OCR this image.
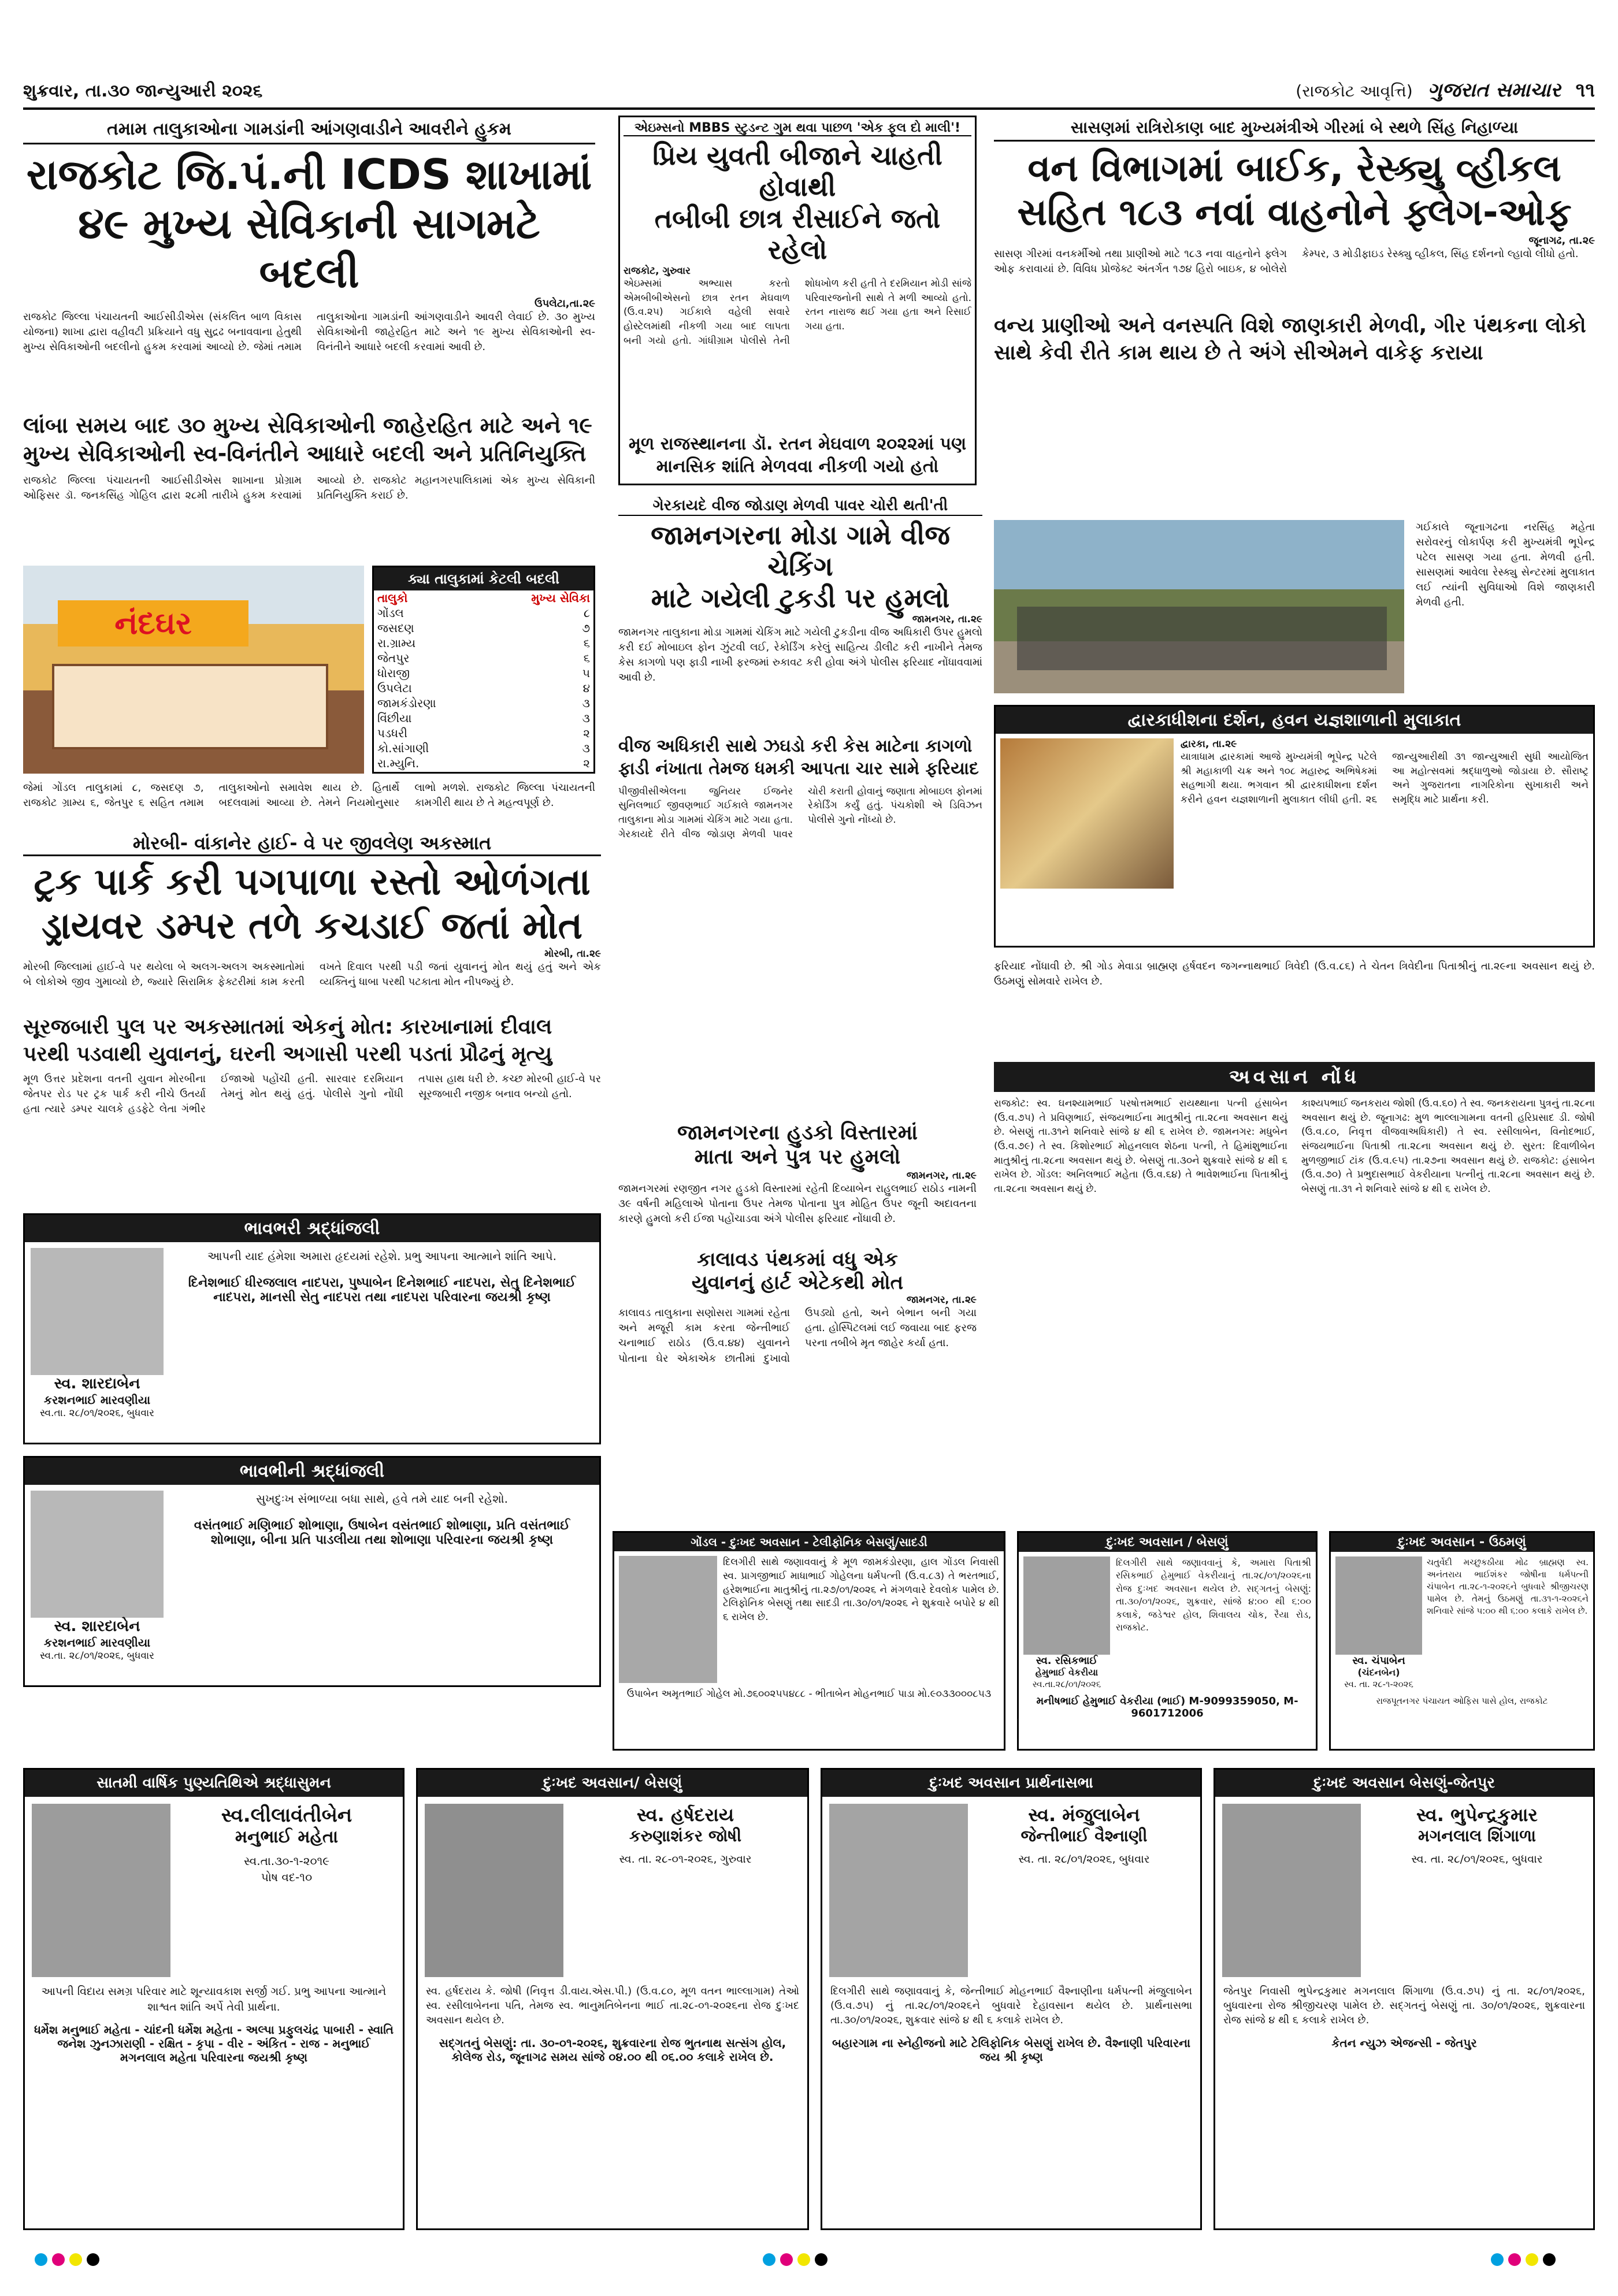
શુક્રવાર, તા.૩૦ જાન્યુઆરી ૨૦૨૬	(રાજકોટ આવૃત્તિ) ગુજરાત સમાચાર ૧૧
તમામ તાલુકાઓના ગામડાંની આંગણવાડીને આવરીને હુકમ
રાજકોટ જિ.પં.ની ICDS શાખામાં
૪૯ મુખ્ય સેવિકાની સાગમટે બદલી
ઉપલેટા,તા.૨૯
રાજકોટ જિલ્લા પંચાયતની આઈસીડીએસ (સંકલિત બાળ વિકાસ યોજના) શાખા દ્વારા વહીવટી પ્રક્રિયાને વધુ સુદ્રઢ બનાવવાના હેતુથી મુખ્ય સેવિકાઓની બદલીનો હુકમ કરવામાં આવ્યો છે. જેમાં તમામ તાલુકાઓના ગામડાંની આંગણવાડીને આવરી લેવાઈ છે. ૩૦ મુખ્ય સેવિકાઓની જાહેરહિત માટે અને ૧૯ મુખ્ય સેવિકાઓની સ્વ-વિનંતીને આધારે બદલી કરવામાં આવી છે.
લાંબા સમય બાદ ૩૦ મુખ્ય સેવિકાઓની જાહેરહિત માટે અને ૧૯ મુખ્ય સેવિકાઓની સ્વ-વિનંતીને આધારે બદલી અને પ્રતિનિયુક્તિ
રાજકોટ જિલ્લા પંચાયતની આઈસીડીએસ શાખાના પ્રોગ્રામ ઓફિસર ડૉ. જનકસિંહ ગોહિલ દ્વારા ૨૮મી તારીખે હુકમ કરવામાં આવ્યો છે. રાજકોટ મહાનગરપાલિકામાં એક મુખ્ય સેવિકાની પ્રતિનિયુક્તિ કરાઈ છે.
નંદઘર
ક્યા તાલુકામાં કેટલી બદલી
તાલુકો	મુખ્ય સેવિકા
ગોંડલ	૮
જસદણ	૭
રા.ગ્રામ્ય	૬
જેતપુર	૬
ધોરાજી	૫
ઉપલેટા	૪
જામકંડોરણા	૩
વિંછીયા	૩
પડધરી	૨
કો.સાંગાણી	૩
રા.મ્યુનિ.	૨
જેમાં ગોંડલ તાલુકામાં ૮, જસદણ ૭, રાજકોટ ગ્રામ્ય ૬, જેતપુર ૬ સહિત તમામ તાલુકાઓનો સમાવેશ થાય છે. હિતાર્થે બદલવામાં આવ્યા છે. તેમને નિયમોનુસાર લાભો મળશે. રાજકોટ જિલ્લા પંચાયતની કામગીરી થાય છે તે મહત્વપૂર્ણ છે.
એઇમ્સનો MBBS સ્ટુડન્ટ ગુમ થવા પાછળ 'એક ફૂલ દો માલી'!
પ્રિય યુવતી બીજાને ચાહતી હોવાથી
તબીબી છાત્ર રીસાઈને જતો રહેલો
રાજકોટ, ગુરુવાર
એઇમ્સમાં અભ્યાસ કરતો એમબીબીએસનો છાત્ર રતન મેઘવાળ (ઉ.વ.૨૫) ગઈકાલે વહેલી સવારે હોસ્ટેલમાંથી નીકળી ગયા બાદ લાપતા બની ગયો હતો. ગાંધીગ્રામ પોલીસે તેની શોધખોળ કરી હતી તે દરમિયાન મોડી સાંજે પરિવારજનોની સાથે તે મળી આવ્યો હતો. રતન નારાજ થઈ ગયા હતા અને રિસાઈ ગયા હતા.
મૂળ રાજસ્થાનના ડૉ. રતન મેઘવાળ ૨૦૨૨માં પણ માનસિક શાંતિ મેળવવા નીકળી ગયો હતો
સાસણમાં રાત્રિરોકાણ બાદ મુખ્યમંત્રીએ ગીરમાં બે સ્થળે સિંહ નિહાળ્યા
વન વિભાગમાં બાઈક, રેસ્ક્યુ વ્હીકલ
સહિત ૧૮૩ નવાં વાહનોને ફ્લેગ-ઓફ
જૂનાગઢ, તા.૨૯
સાસણ ગીરમાં વનકર્મીઓ તથા પ્રાણીઓ માટે ૧૮૩ નવા વાહનોને ફ્લેગ ઓફ કરાવાયાં છે. વિવિધ પ્રોજેક્ટ અંતર્ગત ૧૭૪ હિરો બાઇક, ૪ બોલેરો કેમ્પર, ૩ મોડીફાઇડ રેસ્ક્યુ વ્હીકલ, સિંહ દર્શનનો લ્હાવો લીધો હતો.
વન્ય પ્રાણીઓ અને વનસ્પતિ વિશે જાણકારી મેળવી, ગીર પંથકના લોકો સાથે કેવી રીતે કામ થાય છે તે અંગે સીએમને વાકેફ કરાયા
ગઈકાલે જૂનાગઢના નરસિંહ મહેતા સરોવરનું લોકાર્પણ કરી મુખ્યમંત્રી ભૂપેન્દ્ર પટેલ સાસણ ગયા હતા. મેળવી હતી. સાસણમાં આવેલા રેસ્ક્યુ સેન્ટરમાં મુલાકાત લઈ ત્યાંની સુવિધાઓ વિશે જાણકારી મેળવી હતી.
દ્વારકાધીશના દર્શન, હવન યજ્ઞશાળાની મુલાકાત
દ્વારકા, તા.૨૯
યાત્રાધામ દ્વારકામાં આજે મુખ્યમંત્રી ભૂપેન્દ્ર પટેલે શ્રી મહાકાળી ચક્ર અને ૧૦૮ મહારુદ્ર અભિષેકમાં સહભાગી થયા. ભગવાન શ્રી દ્વારકાધીશના દર્શન કરીને હવન યજ્ઞશાળાની મુલાકાત લીધી હતી. ૨૬ જાન્યુઆરીથી ૩૧ જાન્યુઆરી સુધી આયોજિત આ મહોત્સવમાં શ્રદ્ધાળુઓ જોડાયા છે. સૌરાષ્ટ્ર અને ગુજરાતના નાગરિકોના સુખાકારી અને સમૃદ્ધિ માટે પ્રાર્થના કરી.
ગેરકાયદે વીજ જોડાણ મેળવી પાવર ચોરી થતી'તી
જામનગરના મોડા ગામે વીજ ચેકિંગ
માટે ગયેલી ટુકડી પર હુમલો
જામનગર, તા.૨૯
જામનગર તાલુકાના મોડા ગામમાં ચેકિંગ માટે ગયેલી ટુકડીના વીજ અધિકારી ઉપર હુમલો કરી દઈ મોબાઇલ ફોન ઝુંટવી લઈ, રેકોર્ડિંગ કરેલું સાહિત્ય ડીલીટ કરી નાખીને તેમજ કેસ કાગળો પણ ફાડી નાખી ફરજમાં રુકાવટ કરી હોવા અંગે પોલીસ ફરિયાદ નોંધાવવામાં આવી છે.
વીજ અધિકારી સાથે ઝઘડો કરી કેસ માટેના કાગળો ફાડી નંખાતા તેમજ ધમકી આપતા ચાર સામે ફરિયાદ
પીજીવીસીએલના જુનિયર ઈજનેર સુનિલભાઈ જીવણભાઈ ગઈકાલે જામનગર તાલુકાના મોડા ગામમાં ચેકિંગ માટે ગયા હતા. ગેરકાયદે રીતે વીજ જોડાણ મેળવી પાવર ચોરી કરાતી હોવાનું જણાતા મોબાઇલ ફોનમાં રેકોર્ડિંગ કર્યું હતું. પંચકોશી એ ડિવિઝન પોલીસે ગુનો નોંધ્યો છે.
મોરબી- વાંકાનેર હાઈ- વે પર જીવલેણ અકસ્માત
ટ્રક પાર્ક કરી પગપાળા રસ્તો ઓળંગતા
ડ્રાયવર ડમ્પર તળે કચડાઈ જતાં મોત
મોરબી, તા.૨૯
મોરબી જિલ્લામાં હાઈ-વે પર થયેલા બે અલગ-અલગ અકસ્માતોમાં બે લોકોએ જીવ ગુમાવ્યો છે, જ્યારે સિરામિક ફેક્ટરીમાં કામ કરતી વખતે દિવાલ પરથી પડી જતાં યુવાનનું મોત થયું હતું અને એક વ્યક્તિનું ધાબા પરથી પટકાતા મોત નીપજ્યું છે.
સૂરજબારી પુલ પર અકસ્માતમાં એકનું મોત: કારખાનામાં દીવાલ પરથી પડવાથી યુવાનનું, ઘરની અગાસી પરથી પડતાં પ્રૌઢનું મૃત્યુ
મૂળ ઉત્તર પ્રદેશના વતની યુવાન મોરબીના જેતપર રોડ પર ટ્રક પાર્ક કરી નીચે ઉતર્યા હતા ત્યારે ડમ્પર ચાલકે હડફેટે લેતા ગંભીર ઈજાઓ પહોંચી હતી. સારવાર દરમિયાન તેમનું મોત થયું હતું. પોલીસે ગુનો નોંધી તપાસ હાથ ધરી છે. કચ્છ મોરબી હાઈ-વે પર સૂરજબારી નજીક બનાવ બન્યો હતો.
જામનગરના હુડકો વિસ્તારમાં
માતા અને પુત્ર પર હુમલો
જામનગર, તા.૨૯
જામનગરમાં રણજીત નગર હુડકો વિસ્તારમાં રહેતી દિવ્યાબેન રાહુલભાઈ રાઠોડ નામની ૩૯ વર્ષની મહિલાએ પોતાના ઉપર તેમજ પોતાના પુત્ર મોહિત ઉપર જૂની અદાવતના કારણે હુમલો કરી ઈજા પહોંચાડવા અંગે પોલીસ ફરિયાદ નોંધાવી છે.
કાલાવડ પંથકમાં વધુ એક
યુવાનનું હાર્ટ એટેકથી મોત
જામનગર, તા.૨૯
કાલાવડ તાલુકાના સણોસરા ગામમાં રહેતા અને મજૂરી કામ કરતા જેન્તીભાઈ ચનાભાઈ રાઠોડ (ઉ.વ.૪૪) યુવાનને પોતાના ઘેર એકાએક છાતીમાં દુખાવો ઉપડ્યો હતો, અને બેભાન બની ગયા હતા. હોસ્પિટલમાં લઈ જવાયા બાદ ફરજ પરના તબીબે મૃત જાહેર કર્યા હતા.
ફરિયાદ નોંધાવી છે. શ્રી ગોડ મેવાડા બ્રાહ્મણ હર્ષવદન જગન્નાથભાઈ ત્રિવેદી (ઉ.વ.૮૬) તે ચેતન ત્રિવેદીના પિતાશ્રીનું તા.૨૯ના અવસાન થયું છે. ઉઠમણું સોમવારે રાખેલ છે.
અવસાન નોંધ
રાજકોટ: સ્વ. ઘનશ્યામભાઈ પરષોત્તમભાઈ રાયથ્થાના પત્ની હંસાબેન (ઉ.વ.૭૫) તે પ્રવિણભાઈ, સંજયભાઈના માતુશ્રીનું તા.૨૮ના અવસાન થયું છે. બેસણું તા.૩૧ને શનિવારે સાંજે ૪ થી ૬ રાખેલ છે. જામનગર: મધુબેન (ઉ.વ.૭૯) તે સ્વ. કિશોરભાઈ મોહનલાલ શેઠના પત્ની, તે હિમાંશુભાઈના માતુશ્રીનું તા.૨૮ના અવસાન થયું છે. બેસણું તા.૩૦ને શુક્રવારે સાંજે ૪ થી ૬ રાખેલ છે. ગોંડલ: અનિલભાઈ મહેતા (ઉ.વ.૬૪) તે ભાવેશભાઈના પિતાશ્રીનું તા.૨૮ના અવસાન થયું છે.
કાશ્યપભાઈ જનકરાય જોશી (ઉ.વ.૬૦) તે સ્વ. જનકરાયના પુત્રનું તા.૨૮ના અવસાન થયું છે. જૂનાગઢ: મુળ ભાલ્લાગામના વતની હરિપ્રસાદ ડી. જોષી (ઉ.વ.૮૦, નિવૃત્ત વીજવાઅધિકારી) તે સ્વ. રસીલાબેન, વિનોદભાઈ, સંજયભાઈના પિતાશ્રી તા.૨૮ના અવસાન થયું છે. સુરત: દિવાળીબેન મુળજીભાઈ ટાંક (ઉ.વ.૯૫) તા.૨૭ના અવસાન થયું છે. રાજકોટ: હંસાબેન (ઉ.વ.૭૦) તે પ્રભુદાસભાઈ વેકરીયાના પત્નીનું તા.૨૮ના અવસાન થયું છે. બેસણું તા.૩૧ ને શનિવારે સાંજે ૪ થી ૬ રાખેલ છે.
ભાવભરી શ્રદ્ધાંજલી
સ્વ. શારદાબેન
કરશનભાઈ મારવણીયા
સ્વ.તા. ૨૮/૦૧/૨૦૨૬, બુધવાર
આપની યાદ હંમેશા અમારા હૃદયમાં રહેશે. પ્રભુ આપના આત્માને શાંતિ આપે.
દિનેશભાઈ ધીરજલાલ નાદપરા, પુષ્પાબેન દિનેશભાઈ નાદપરા, સેતુ દિનેશભાઈ નાદપરા, માનસી સેતુ નાદપરા તથા નાદપરા પરિવારના જયશ્રી કૃષ્ણ
ભાવભીની શ્રદ્ધાંજલી
સ્વ. શારદાબેન
કરશનભાઈ મારવણીયા
સ્વ.તા. ૨૮/૦૧/૨૦૨૬, બુધવાર
સુખદુઃખ સંભાળ્યા બધા સાથે, હવે તમે યાદ બની રહેશો.
વસંતભાઈ મણિભાઈ શોભાણા, ઉષાબેન વસંતભાઈ શોભાણા, પ્રતિ વસંતભાઈ શોભાણા, બીના પ્રતિ પાડલીયા તથા શોભાણા પરિવારના જયશ્રી કૃષ્ણ	ગોંડલ - દુઃખદ અવસાન - ટેલીફોનિક બેસણું/સાદડી
દિલગીરી સાથે જણાવવાનું કે મૂળ જામકંડોરણા, હાલ ગોંડલ નિવાસી સ્વ. પ્રાગજીભાઈ માધાભાઈ ગોહેલના ધર્મપત્ની (ઉ.વ.૮૩) તે ભરતભાઈ, હરેશભાઈના માતુશ્રીનું તા.૨૭/૦૧/૨૦૨૬ ને મંગળવારે દેવલોક પામેલ છે. ટેલિફોનિક બેસણું તથા સાદડી તા.૩૦/૦૧/૨૦૨૬ ને શુક્રવારે બપોરે ૪ થી ૬ રાખેલ છે.
ઉપાબેન અમૃતભાઈ ગોહેલ મો.૭૬૦૦૨૫૫૪૮૮ - ભીતાબેન મોહનભાઈ પાડા મો.૯૦૩૩૦૦૦૮૫૩
દુઃખદ અવસાન / બેસણું
સ્વ. રસિકભાઈ
હેમુભાઈ વેકરીયા
સ્વ.તા.૨૮/૦૧/૨૦૨૬
દિલગીરી સાથે જણાવવાનું કે, અમારા પિતાશ્રી રસિકભાઈ હેમુભાઈ વેકરીયાનું તા.૨૮/૦૧/૨૦૨૬ના રોજ દુઃખદ અવસાન થયેલ છે. સદ્ગતનું બેસણું: તા.૩૦/૦૧/૨૦૨૬, શુક્રવાર, સાંજે ૪:૦૦ થી ૬:૦૦ કલાકે, જડેશ્વર હોલ, શિવાલય ચોક, રૈયા રોડ, રાજકોટ.
મનીષભાઈ હેમુભાઈ વેકરીયા (ભાઈ) M-9099359050, M-9601712006
દુઃખદ અવસાન - ઉઠમણું
સ્વ. ચંપાબેન
(ચંદનબેન)
સ્વ. તા. ૨૮-૧-૨૦૨૬
ચતુર્વેદી મચ્છુકઠીયા મોઢ બ્રાહ્મણ સ્વ. અનંતરાય ભાઈશંકર જોષીના ધર્મપત્ની ચંપાબેન તા.૨૮-૧-૨૦૨૬ને બુધવારે શ્રીજીચરણ પામેલ છે. તેમનું ઉઠમણું તા.૩૧-૧-૨૦૨૬ને શનિવારે સાંજે ૫:૦૦ થી ૬:૦૦ કલાકે રાખેલ છે.
રાજપૂતનગર પંચાયત ઓફિસ પાસે હોલ, રાજકોટ
સાતમી વાર્ષિક પુણ્યતિથિએ શ્રદ્ધાસુમન
સ્વ.લીલાવંતીબેન
મનુભાઈ મહેતા
સ્વ.તા.૩૦-૧-૨૦૧૯
પોષ વદ-૧૦
આપની વિદાય સમગ્ર પરિવાર માટે શૂન્યાવકાશ સર્જી ગઈ. પ્રભુ આપના આત્માને શાશ્વત શાંતિ અર્પે તેવી પ્રાર્થના.
ધર્મેશ મનુભાઈ મહેતા - ચાંદની ધર્મેશ મહેતા - અલ્પા પ્રફુલચંદ્ર પાબારી - સ્વાતિ જનેશ ઝુનઝારાણી - રક્ષિત - કૃપા - વીર - અંકિત - રાજ - મનુભાઈ મગનલાલ મહેતા પરિવારના જયશ્રી કૃષ્ણ
દુઃખદ અવસાન/ બેસણું
સ્વ. હર્ષદરાય
કરુણાશંકર જોષી
સ્વ. તા. ૨૮-૦૧-૨૦૨૬, ગુરુવાર
સ્વ. હર્ષદરાય કે. જોષી (નિવૃત્ત ડી.વાય.એસ.પી.) (ઉ.વ.૮૦, મૂળ વતન ભાલ્લાગામ) તેઓ સ્વ. રસીલાબેનના પતિ, તેમજ સ્વ. ભાનુમતિબેનના ભાઈ તા.૨૮-૦૧-૨૦૨૬ના રોજ દુઃખદ અવસાન થયેલ છે.
સદ્ગતનું બેસણું: તા. ૩૦-૦૧-૨૦૨૬, શુક્રવારના રોજ ભુતનાથ સત્સંગ હોલ, કોલેજ રોડ, જૂનાગઢ સમય સાંજે ૦૪.૦૦ થી ૦૬.૦૦ કલાકે રાખેલ છે.
દુઃખદ અવસાન પ્રાર્થનાસભા
સ્વ. મંજુલાબેન
જેન્તીભાઈ વૈશ્નાણી
સ્વ. તા. ૨૮/૦૧/૨૦૨૬, બુધવાર
દિલગીરી સાથે જણાવવાનું કે, જેન્તીભાઈ મોહનભાઈ વૈશ્નાણીના ધર્મપત્ની મંજુલાબેન (ઉ.વ.૭૫) નું તા.૨૮/૦૧/૨૦૨૬ને બુધવારે દેહાવસાન થયેલ છે. પ્રાર્થનાસભા તા.૩૦/૦૧/૨૦૨૬, શુક્રવાર સાંજે ૪ થી ૬ કલાકે રાખેલ છે.
બહારગામ ના સ્નેહીજનો માટે ટેલિફોનિક બેસણું રાખેલ છે. વૈશ્નાણી પરિવારના જય શ્રી કૃષ્ણ
દુઃખદ અવસાન બેસણું-જેતપુર
સ્વ. ભુપેન્દ્રકુમાર
મગનલાલ શિંગાળા
સ્વ. તા. ૨૮/૦૧/૨૦૨૬, બુધવાર
જેતપુર નિવાસી ભુપેન્દ્રકુમાર મગનલાલ શિંગાળા (ઉ.વ.૭૫) નું તા. ૨૮/૦૧/૨૦૨૬, બુધવારના રોજ શ્રીજીચરણ પામેલ છે. સદ્ગતનું બેસણું તા. ૩૦/૦૧/૨૦૨૬, શુક્રવારના રોજ સાંજે ૪ થી ૬ કલાકે રાખેલ છે.
કેતન ન્યુઝ એજન્સી - જેતપુર
